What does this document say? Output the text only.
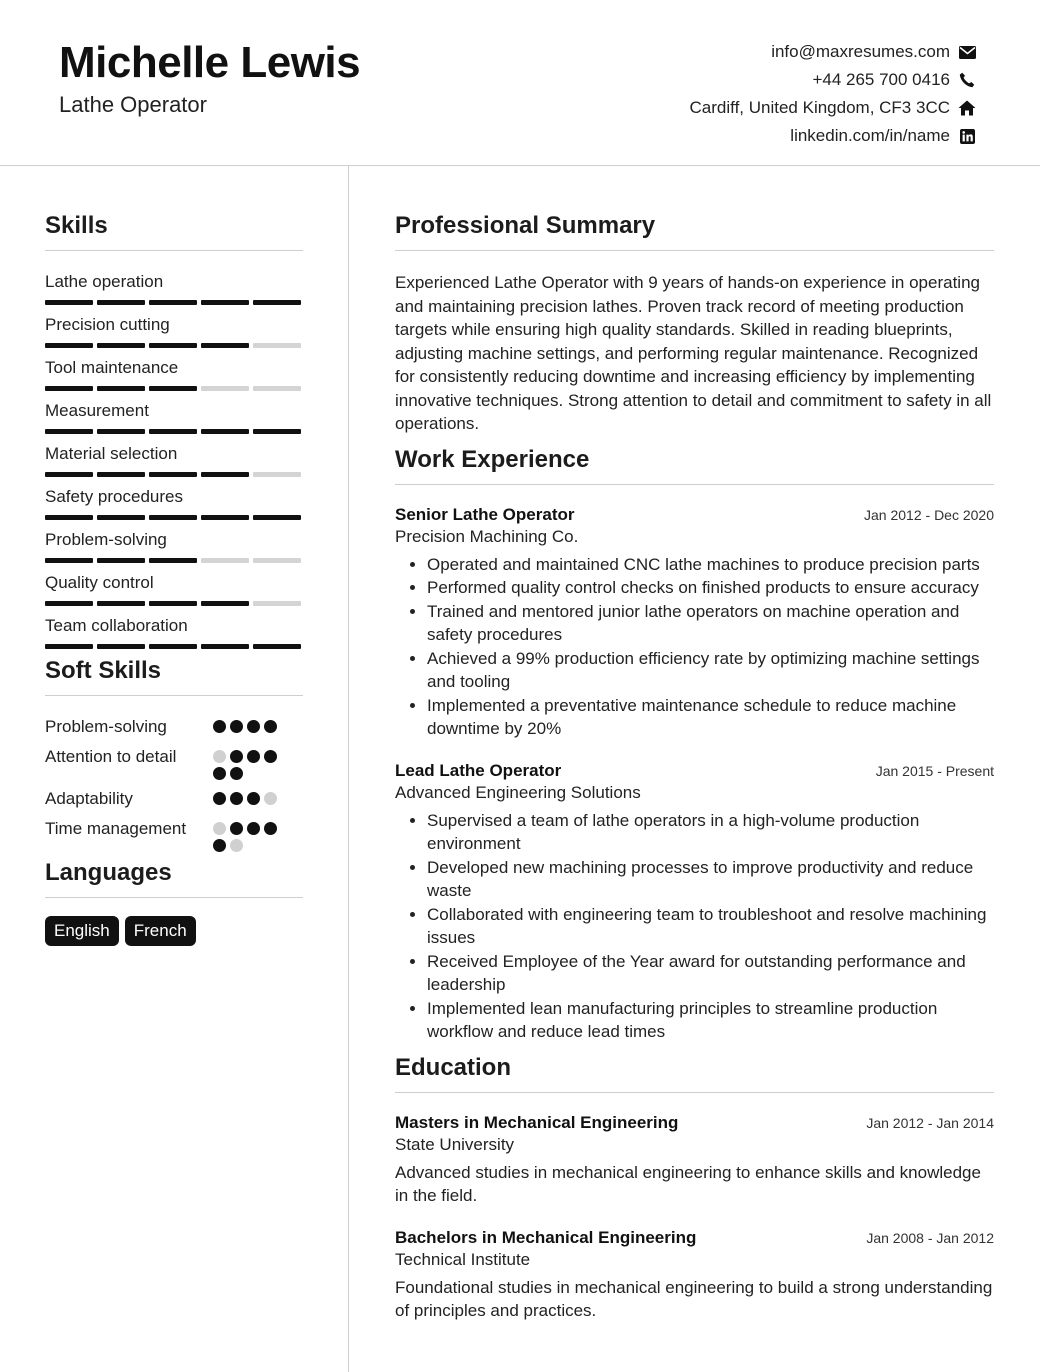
Michelle Lewis
Lathe Operator
info@maxresumes.com
+44 265 700 0416
Cardiff, United Kingdom, CF3 3CC
linkedin.com/in/name
Skills
Lathe operation
Precision cutting
Tool maintenance
Measurement
Material selection
Safety procedures
Problem-solving
Quality control
Team collaboration
Soft Skills
Problem-solving
Attention to detail
Adaptability
Time management
Languages
English	French
Professional Summary
Experienced Lathe Operator with 9 years of hands-on experience in operating and maintaining precision lathes. Proven track record of meeting production targets while ensuring high quality standards. Skilled in reading blueprints, adjusting machine settings, and performing regular maintenance. Recognized for consistently reducing downtime and increasing efficiency by implementing innovative techniques. Strong attention to detail and commitment to safety in all operations.
Work Experience
Senior Lathe Operator	Jan 2012 - Dec 2020
Precision Machining Co.
• Operated and maintained CNC lathe machines to produce precision parts
• Performed quality control checks on finished products to ensure accuracy
• Trained and mentored junior lathe operators on machine operation and safety procedures
• Achieved a 99% production efficiency rate by optimizing machine settings and tooling
• Implemented a preventative maintenance schedule to reduce machine downtime by 20%
Lead Lathe Operator	Jan 2015 - Present
Advanced Engineering Solutions
• Supervised a team of lathe operators in a high-volume production environment
• Developed new machining processes to improve productivity and reduce waste
• Collaborated with engineering team to troubleshoot and resolve machining issues
• Received Employee of the Year award for outstanding performance and leadership
• Implemented lean manufacturing principles to streamline production workflow and reduce lead times
Education
Masters in Mechanical Engineering	Jan 2012 - Jan 2014
State University
Advanced studies in mechanical engineering to enhance skills and knowledge in the field.
Bachelors in Mechanical Engineering	Jan 2008 - Jan 2012
Technical Institute
Foundational studies in mechanical engineering to build a strong understanding of principles and practices.
